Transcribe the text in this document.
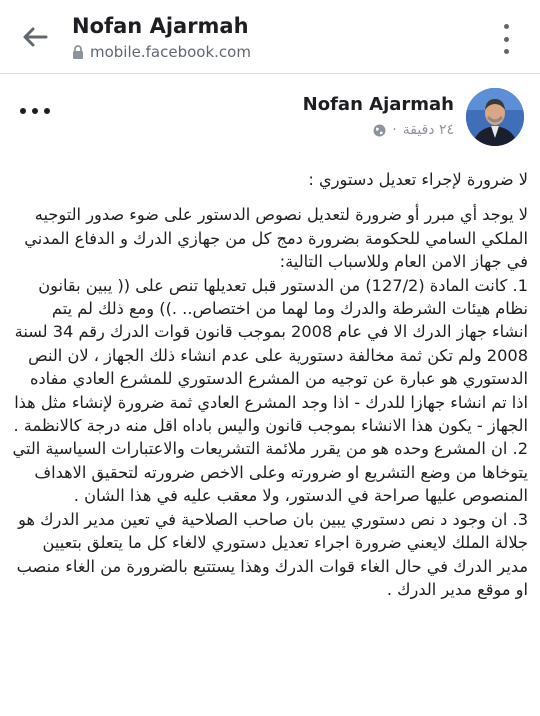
Nofan Ajarmah
mobile.facebook.com
Nofan Ajarmah
٢٤ دقيقة
·

لا ضرورة لإجراء تعديل دستوري :

لا يوجد أي مبرر أو ضرورة لتعديل نصوص الدستور على ضوء صدور التوجيه الملكي السامي للحكومة بضرورة دمج كل من جهازي الدرك و الدفاع المدني في جهاز الامن العام وللاسباب التالية:

1. كانت المادة (127/2) من الدستور قبل تعديلها تنص على (( يبين بقانون نظام هيئات الشرطة والدرك وما لهما من اختصاص.. .)) ومع ذلك لم يتم انشاء جهاز الدرك الا في عام 2008 بموجب قانون قوات الدرك رقم 34 لسنة 2008 ولم تكن ثمة مخالفة دستورية على عدم انشاء ذلك الجهاز ، لان النص الدستوري هو عبارة عن توجيه من المشرع الدستوري للمشرع العادي مفاده اذا تم انشاء جهازا للدرك - اذا وجد المشرع العادي ثمة ضرورة لإنشاء مثل هذا الجهاز - يكون هذا الانشاء بموجب قانون واليس باداه اقل منه درجة كالانظمة .

2. ان المشرع وحده هو من يقرر ملائمة التشريعات والاعتبارات السياسية التي يتوخاها من وضع التشريع او ضرورته وعلى الاخص ضرورته لتحقيق الاهداف المنصوص عليها صراحة في الدستور، ولا معقب عليه في هذا الشان .

3. ان وجود د نص دستوري يبين بان صاحب الصلاحية في تعين مدير الدرك هو جلالة الملك لايعني ضرورة اجراء تعديل دستوري لالغاء كل ما يتعلق بتعيين مدير الدرك في حال الغاء قوات الدرك وهذا يستتبع بالضرورة من الغاء منصب او موقع مدير الدرك .
